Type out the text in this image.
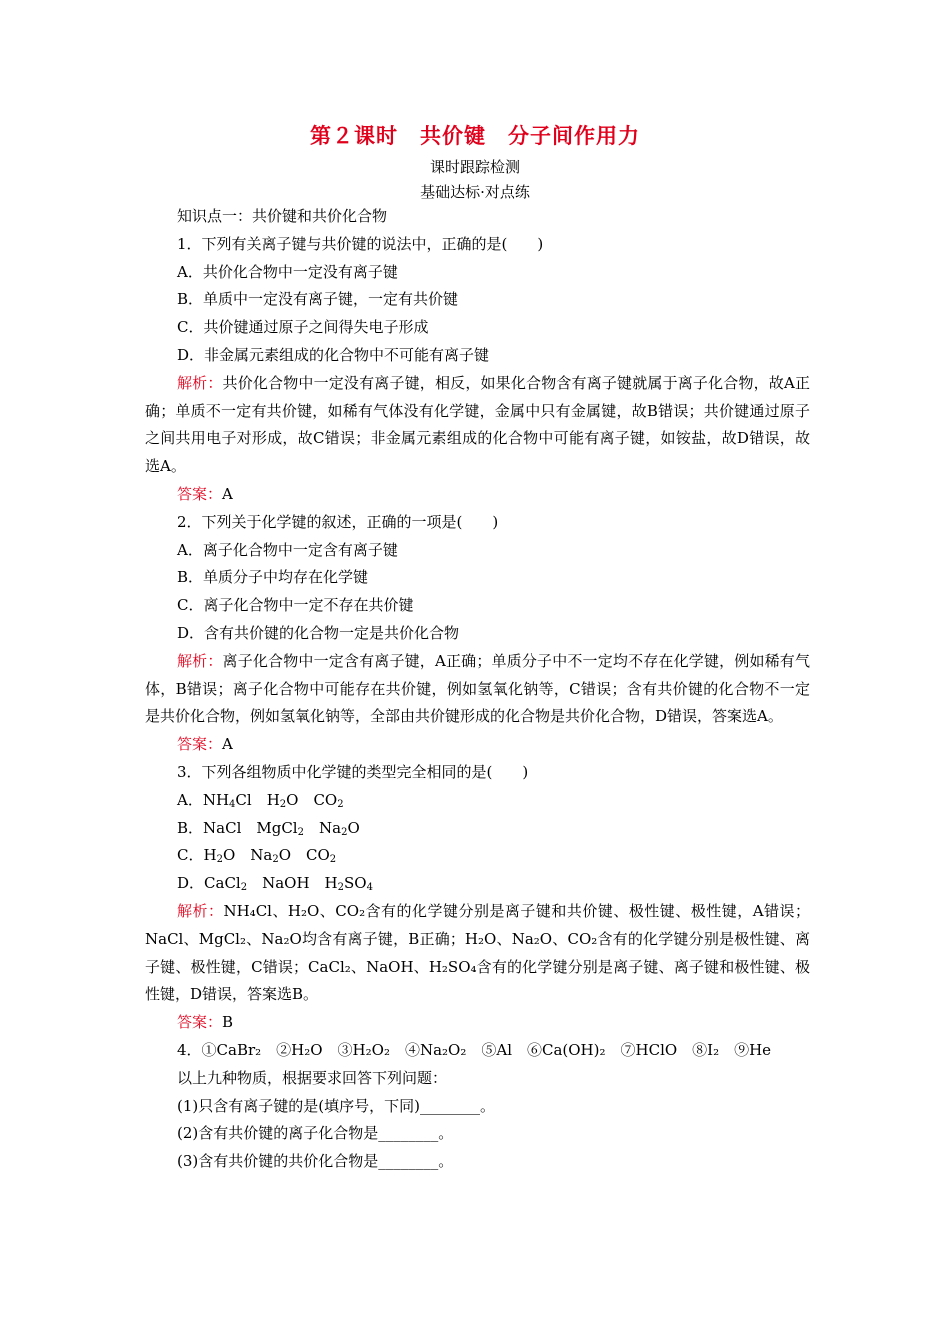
第２课时　共价键　分子间作用力
课时跟踪检测
基础达标·对点练
知识点一：共价键和共价化合物
1．下列有关离子键与共价键的说法中，正确的是(　　)
A．共价化合物中一定没有离子键
B．单质中一定没有离子键，一定有共价键
C．共价键通过原子之间得失电子形成
D．非金属元素组成的化合物中不可能有离子键
解析：共价化合物中一定没有离子键，相反，如果化合物含有离子键就属于离子化合物，故A正确；单质不一定有共价键，如稀有气体没有化学键，金属中只有金属键，故B错误；共价键通过原子之间共用电子对形成，故C错误；非金属元素组成的化合物中可能有离子键，如铵盐，故D错误，故选A。
答案：A
2．下列关于化学键的叙述，正确的一项是(　　)
A．离子化合物中一定含有离子键
B．单质分子中均存在化学键
C．离子化合物中一定不存在共价键
D．含有共价键的化合物一定是共价化合物
解析：离子化合物中一定含有离子键，A正确；单质分子中不一定均不存在化学键，例如稀有气体，B错误；离子化合物中可能存在共价键，例如氢氧化钠等，C错误；含有共价键的化合物不一定是共价化合物，例如氢氧化钠等，全部由共价键形成的化合物是共价化合物，D错误，答案选A。
答案：A
3．下列各组物质中化学键的类型完全相同的是(　　)
A．$NH_4Cl$　$H_2O$　$CO_2$
B．NaCl　MgCl$_2$　$Na_2O$
C．$H_2O$　$Na_2O$　$CO_2$
D．CaCl$_2$　NaOH　$H_2SO_4$
解析：NH₄Cl、H₂O、CO₂含有的化学键分别是离子键和共价键、极性键、极性键，A错误；NaCl、MgCl₂、Na₂O均含有离子键，B正确；H₂O、Na₂O、CO₂含有的化学键分别是极性键、离子键、极性键，C错误；CaCl₂、NaOH、H₂SO₄含有的化学键分别是离子键、离子键和极性键、极性键，D错误，答案选B。
答案：B
4．①CaBr₂　②H₂O　③H₂O₂　④Na₂O₂　⑤Al　⑥Ca(OH)₂　⑦HClO　⑧I₂　⑨He
以上九种物质，根据要求回答下列问题：
(1)只含有离子键的是(填序号，下同)________。
(2)含有共价键的离子化合物是________。
(3)含有共价键的共价化合物是________。
